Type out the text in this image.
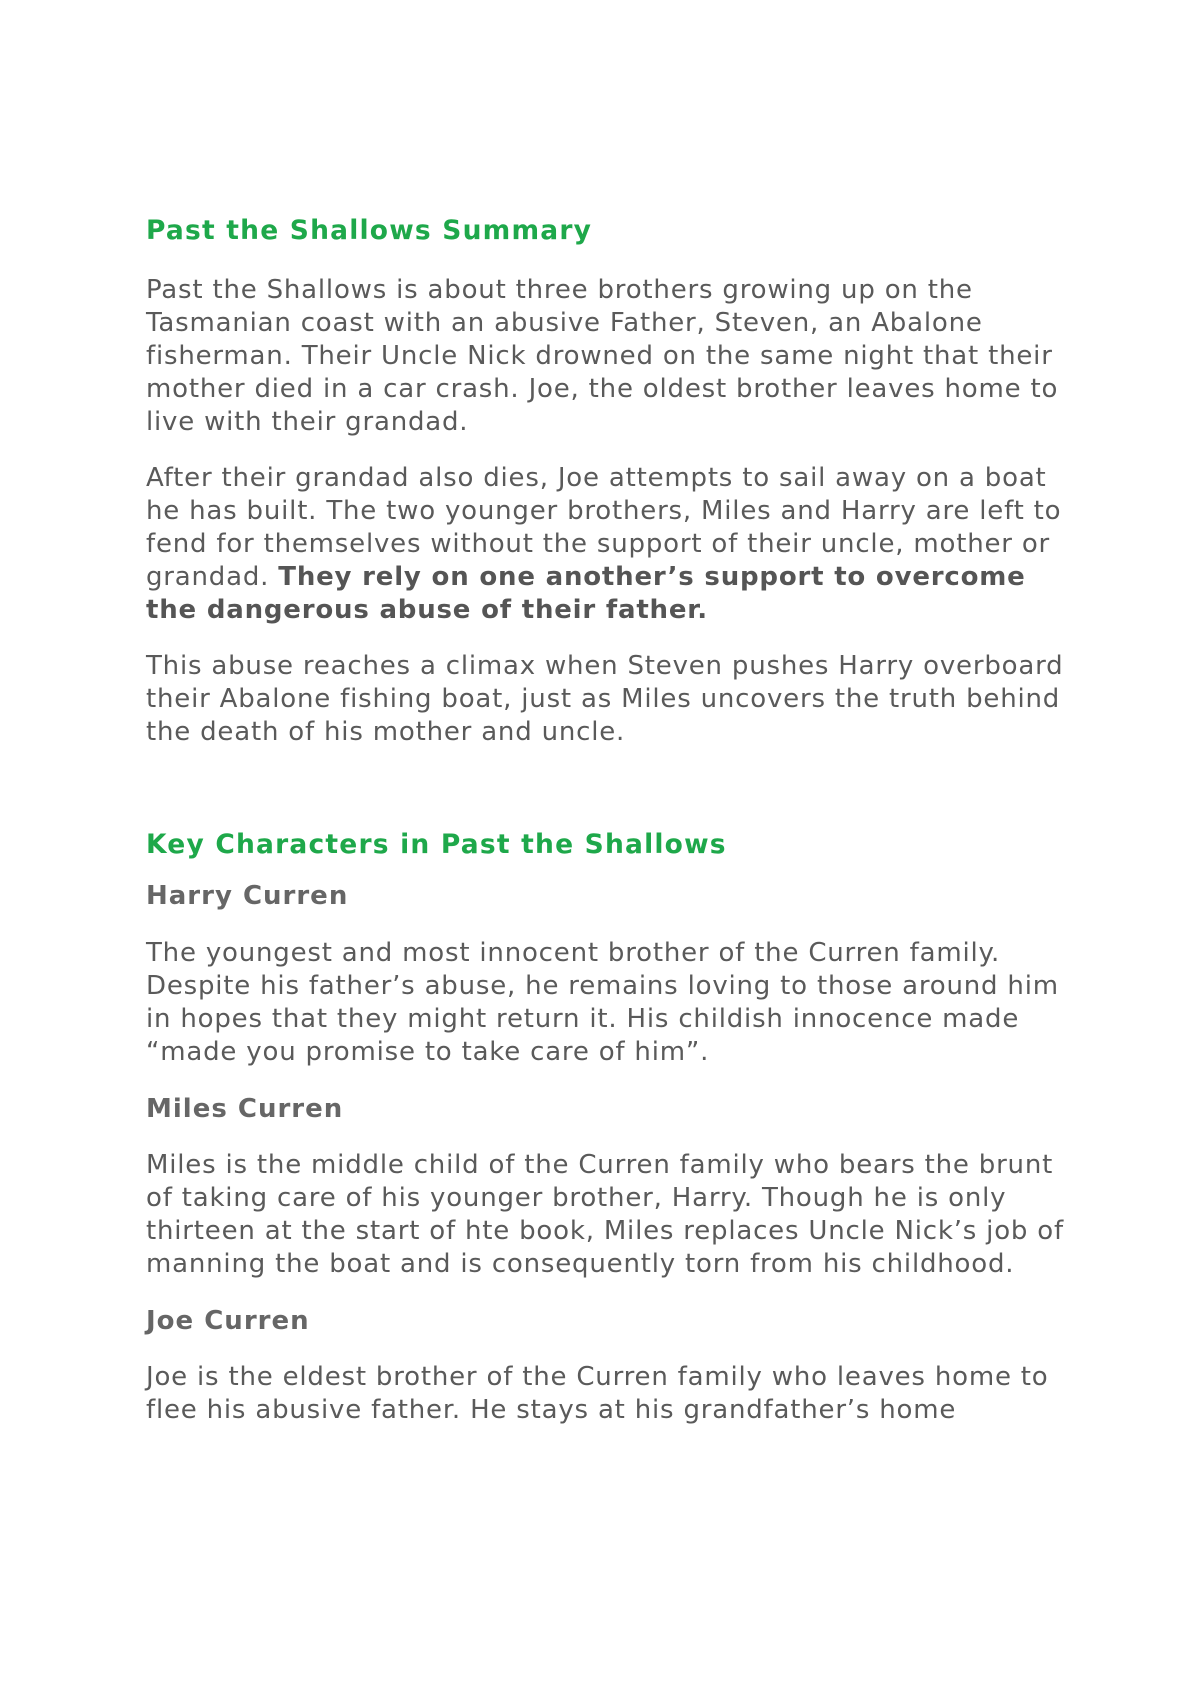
Past the Shallows Summary

Past the Shallows is about three brothers growing up on the Tasmanian coast with an abusive Father, Steven, an Abalone fisherman. Their Uncle Nick drowned on the same night that their mother died in a car crash. Joe, the oldest brother leaves home to live with their grandad.

After their grandad also dies, Joe attempts to sail away on a boat he has built. The two younger brothers, Miles and Harry are left to fend for themselves without the support of their uncle, mother or grandad. They rely on one another’s support to overcome the dangerous abuse of their father.

This abuse reaches a climax when Steven pushes Harry overboard their Abalone fishing boat, just as Miles uncovers the truth behind the death of his mother and uncle.

Key Characters in Past the Shallows
Harry Curren

The youngest and most innocent brother of the Curren family. Despite his father’s abuse, he remains loving to those around him in hopes that they might return it. His childish innocence made “made you promise to take care of him”.

Miles Curren

Miles is the middle child of the Curren family who bears the brunt of taking care of his younger brother, Harry. Though he is only thirteen at the start of hte book, Miles replaces Uncle Nick’s job of manning the boat and is consequently torn from his childhood.

Joe Curren

Joe is the eldest brother of the Curren family who leaves home to flee his abusive father. He stays at his grandfather’s home
